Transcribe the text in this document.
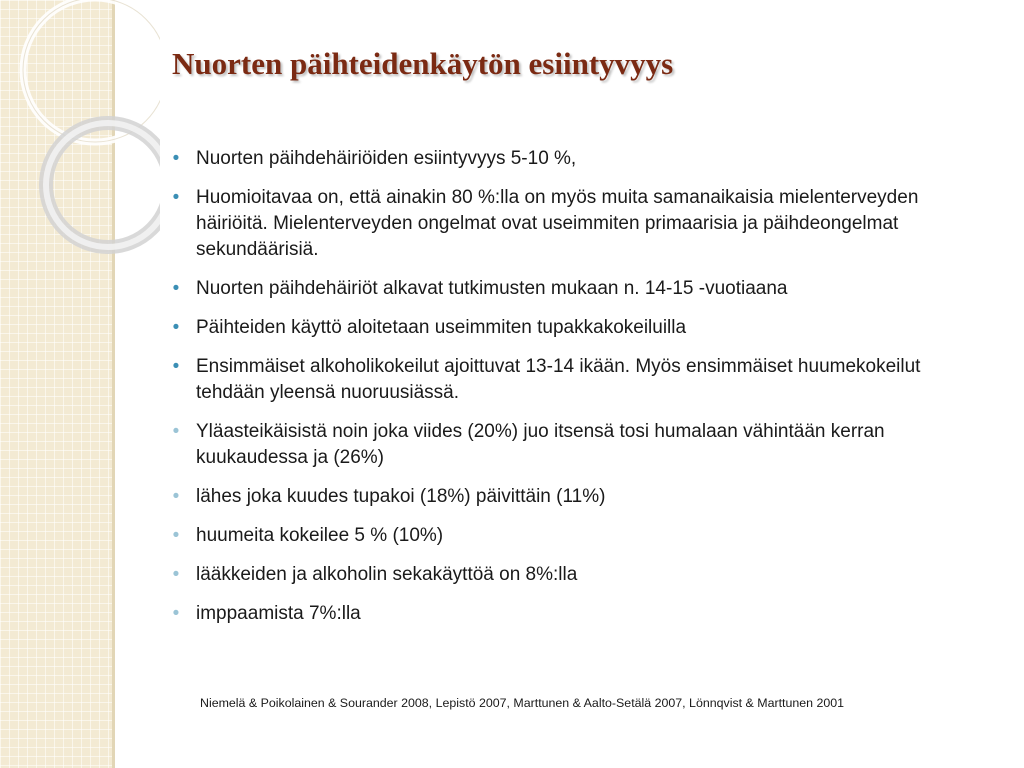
Nuorten päihteidenkäytön esiintyvyys
• Nuorten päihdehäiriöiden esiintyvyys 5-10 %,
• Huomioitavaa on, että ainakin 80 %:lla on myös muita samanaikaisia mielenterveyden häiriöitä. Mielenterveyden ongelmat ovat useimmiten primaarisia ja päihdeongelmat sekundäärisiä.
• Nuorten päihdehäiriöt alkavat tutkimusten mukaan n. 14-15 -vuotiaana
• Päihteiden käyttö aloitetaan useimmiten tupakkakokeiluilla
• Ensimmäiset alkoholikokeilut ajoittuvat 13-14 ikään. Myös ensimmäiset huumekokeilut tehdään yleensä nuoruusiässä.
• Yläasteikäisistä noin joka viides (20%) juo itsensä tosi humalaan vähintään kerran kuukaudessa ja (26%)
• lähes joka kuudes tupakoi (18%) päivittäin (11%)
• huumeita kokeilee 5 % (10%)
• lääkkeiden ja alkoholin sekakäyttöä on 8%:lla
• imppaamista 7%:lla

Niemelä & Poikolainen & Sourander 2008, Lepistö 2007, Marttunen & Aalto-Setälä 2007, Lönnqvist & Marttunen 2001
